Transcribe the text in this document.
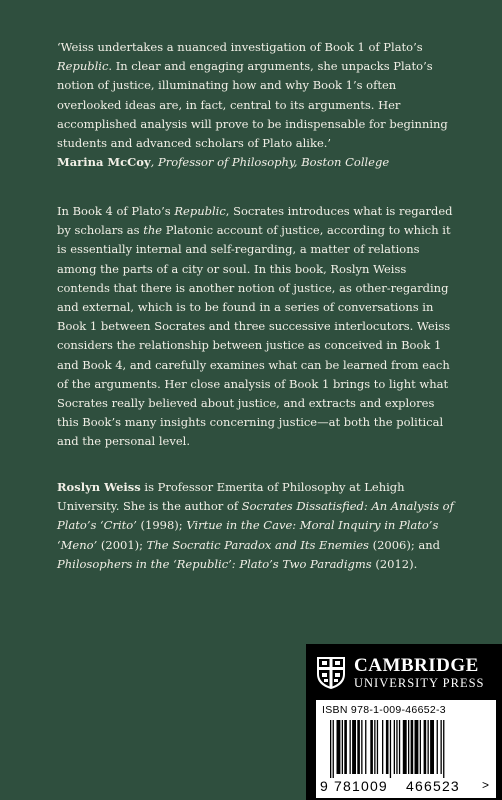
‘Weiss undertakes a nuanced investigation of Book 1 of Plato’s Republic. In clear and engaging arguments, she unpacks Plato’s notion of justice, illuminating how and why Book 1’s often overlooked ideas are, in fact, central to its arguments. Her accomplished analysis will prove to be indispensable for beginning students and advanced scholars of Plato alike.’

Marina McCoy, Professor of Philosophy, Boston College

In Book 4 of Plato’s Republic, Socrates introduces what is regarded by scholars as the Platonic account of justice, according to which it is essentially internal and self-regarding, a matter of relations among the parts of a city or soul. In this book, Roslyn Weiss contends that there is another notion of justice, as other-regarding and external, which is to be found in a series of conversations in Book 1 between Socrates and three successive interlocutors. Weiss considers the relationship between justice as conceived in Book 1 and Book 4, and carefully examines what can be learned from each of the arguments. Her close analysis of Book 1 brings to light what Socrates really believed about justice, and extracts and explores this Book’s many insights concerning justice—at both the political and the personal level.

Roslyn Weiss is Professor Emerita of Philosophy at Lehigh University. She is the author of Socrates Dissatisfied: An Analysis of Plato’s ‘Crito’ (1998); Virtue in the Cave: Moral Inquiry in Plato’s ‘Meno’ (2001); The Socratic Paradox and Its Enemies (2006); and Philosophers in the ‘Republic’: Plato’s Two Paradigms (2012).

CAMBRIDGE
UNIVERSITY PRESS
ISBN 978-1-009-46652-3
9 781009 466523 >
